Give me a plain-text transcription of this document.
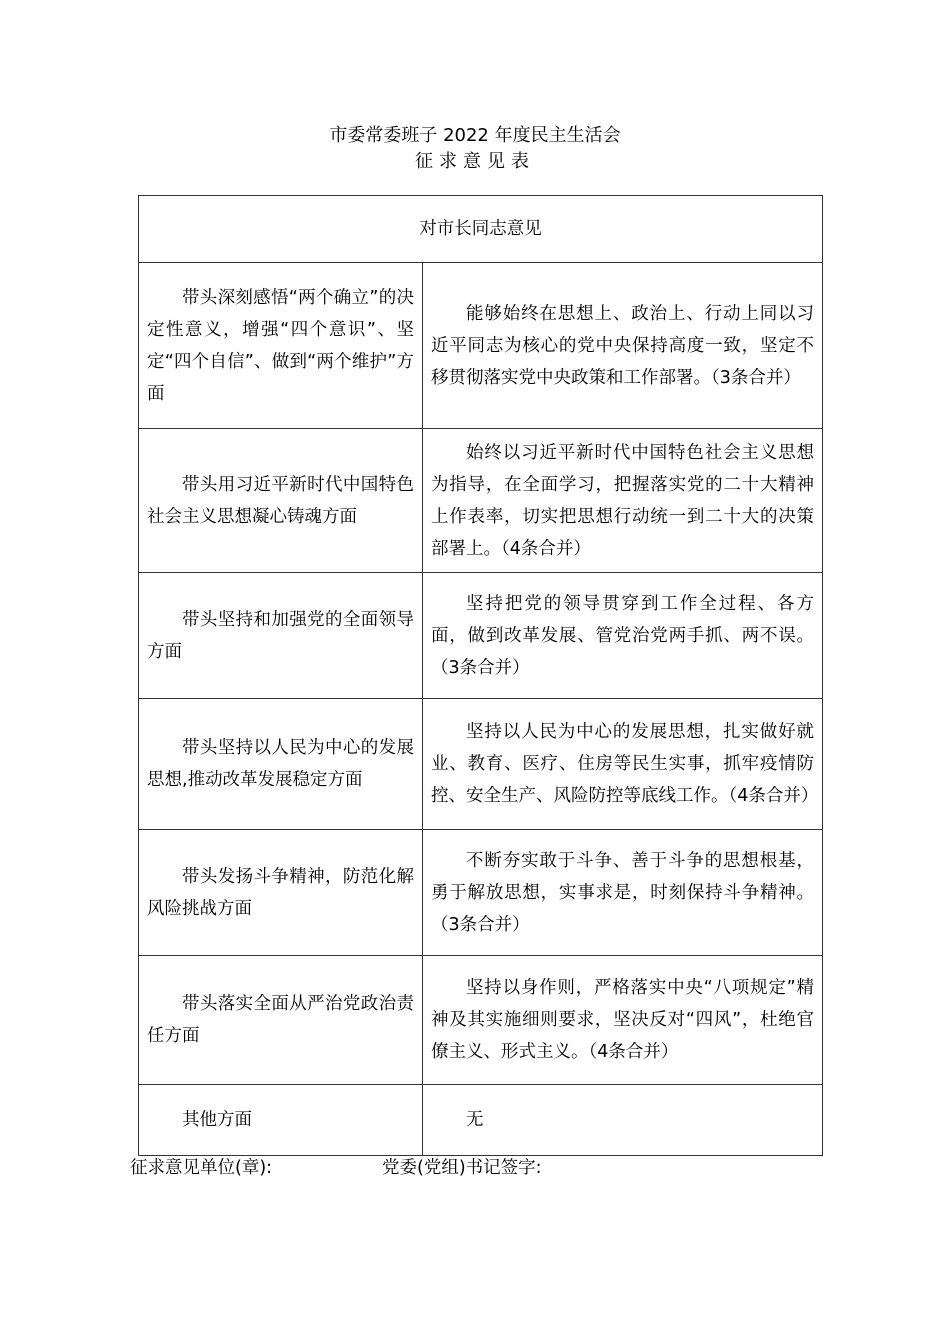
市委常委班子 2022 年度民主生活会
征求意见表
对市长同志意见	
带头深刻感悟“两个确立”的决定性意义，增强“四个意识”、坚定“四个自信”、做到“两个维护”方面	能够始终在思想上、政治上、行动上同以习近平同志为核心的党中央保持高度一致，坚定不移贯彻落实党中央政策和工作部署。（3条合并）
带头用习近平新时代中国特色社会主义思想凝心铸魂方面	始终以习近平新时代中国特色社会主义思想为指导，在全面学习，把握落实党的二十大精神上作表率，切实把思想行动统一到二十大的决策部署上。（4条合并）
带头坚持和加强党的全面领导方面	坚持把党的领导贯穿到工作全过程、各方面，做到改革发展、管党治党两手抓、两不误。（3条合并）
带头坚持以人民为中心的发展思想,推动改革发展稳定方面	坚持以人民为中心的发展思想，扎实做好就业、教育、医疗、住房等民生实事，抓牢疫情防控、安全生产、风险防控等底线工作。（4条合并）
带头发扬斗争精神，防范化解风险挑战方面	不断夯实敢于斗争、善于斗争的思想根基，勇于解放思想，实事求是，时刻保持斗争精神。（3条合并）
带头落实全面从严治党政治责任方面	坚持以身作则，严格落实中央“八项规定”精神及其实施细则要求，坚决反对“四风”，杜绝官僚主义、形式主义。（4条合并）
其他方面	无
征求意见单位(章):	党委(党组)书记签字:
